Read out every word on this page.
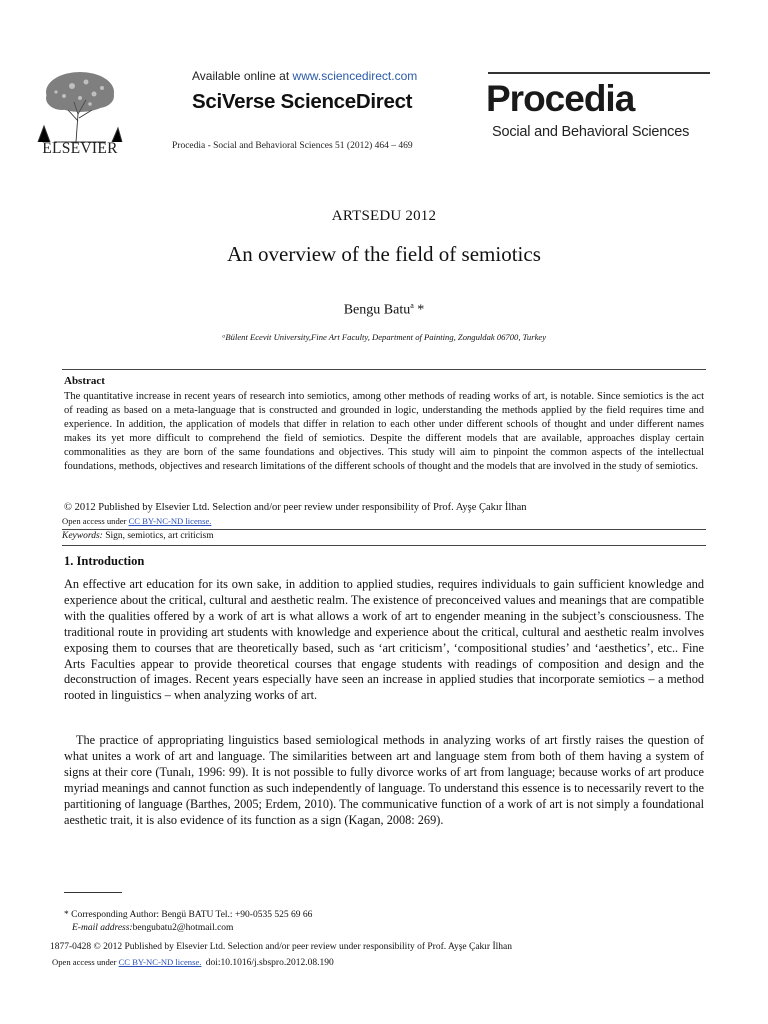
ELSEVIER
Available online at www.sciencedirect.com
SciVerse ScienceDirect
Procedia - Social and Behavioral Sciences 51 (2012) 464 – 469
Procedia
Social and Behavioral Sciences
ARTSEDU 2012
An overview of the field of semiotics
Bengu Batu$^a$ *
ᵃBülent Ecevit University,Fine Art Faculty, Department of Painting, Zonguldak 06700, Turkey
Abstract
The quantitative increase in recent years of research into semiotics, among other methods of reading works of art, is notable. Since semiotics is the act of reading as based on a meta-language that is constructed and grounded in logic, understanding the methods applied by the field requires time and experience. In addition, the application of models that differ in relation to each other under different schools of thought and under different names makes its yet more difficult to comprehend the field of semiotics. Despite the different models that are available, approaches display certain commonalities as they are born of the same foundations and objectives. This study will aim to pinpoint the common aspects of the intellectual foundations, methods, objectives and research limitations of the different schools of thought and the models that are involved in the study of semiotics.
© 2012 Published by Elsevier Ltd. Selection and/or peer review under responsibility of Prof. Ayşe Çakır İlhan
Open access under CC BY-NC-ND license.
Keywords: Sign, semiotics, art criticism
1. Introduction
An effective art education for its own sake, in addition to applied studies, requires individuals to gain sufficient knowledge and experience about the critical, cultural and aesthetic realm. The existence of preconceived values and meanings that are compatible with the qualities offered by a work of art is what allows a work of art to engender meaning in the subject’s consciousness. The traditional route in providing art students with knowledge and experience about the critical, cultural and aesthetic realm involves exposing them to courses that are theoretically based, such as ‘art criticism’, ‘compositional studies’ and ‘aesthetics’, etc.. Fine Arts Faculties appear to provide theoretical courses that engage students with readings of composition and design and the deconstruction of images. Recent years especially have seen an increase in applied studies that incorporate semiotics – a method rooted in linguistics – when analyzing works of art.
The practice of appropriating linguistics based semiological methods in analyzing works of art firstly raises the question of what unites a work of art and language. The similarities between art and language stem from both of them having a system of signs at their core (Tunalı, 1996: 99). It is not possible to fully divorce works of art from language; because works of art produce myriad meanings and cannot function as such independently of language. To understand this essence is to necessarily revert to the partitioning of language (Barthes, 2005; Erdem, 2010). The communicative function of a work of art is not simply a foundational aesthetic trait, it is also evidence of its function as a sign (Kagan, 2008: 269).
* Corresponding Author: Bengü BATU Tel.: +90-0535 525 69 66
E-mail address:bengubatu2@hotmail.com
1877-0428 © 2012 Published by Elsevier Ltd. Selection and/or peer review under responsibility of Prof. Ayşe Çakır İlhan
Open access under CC BY-NC-ND license. doi:10.1016/j.sbspro.2012.08.190
